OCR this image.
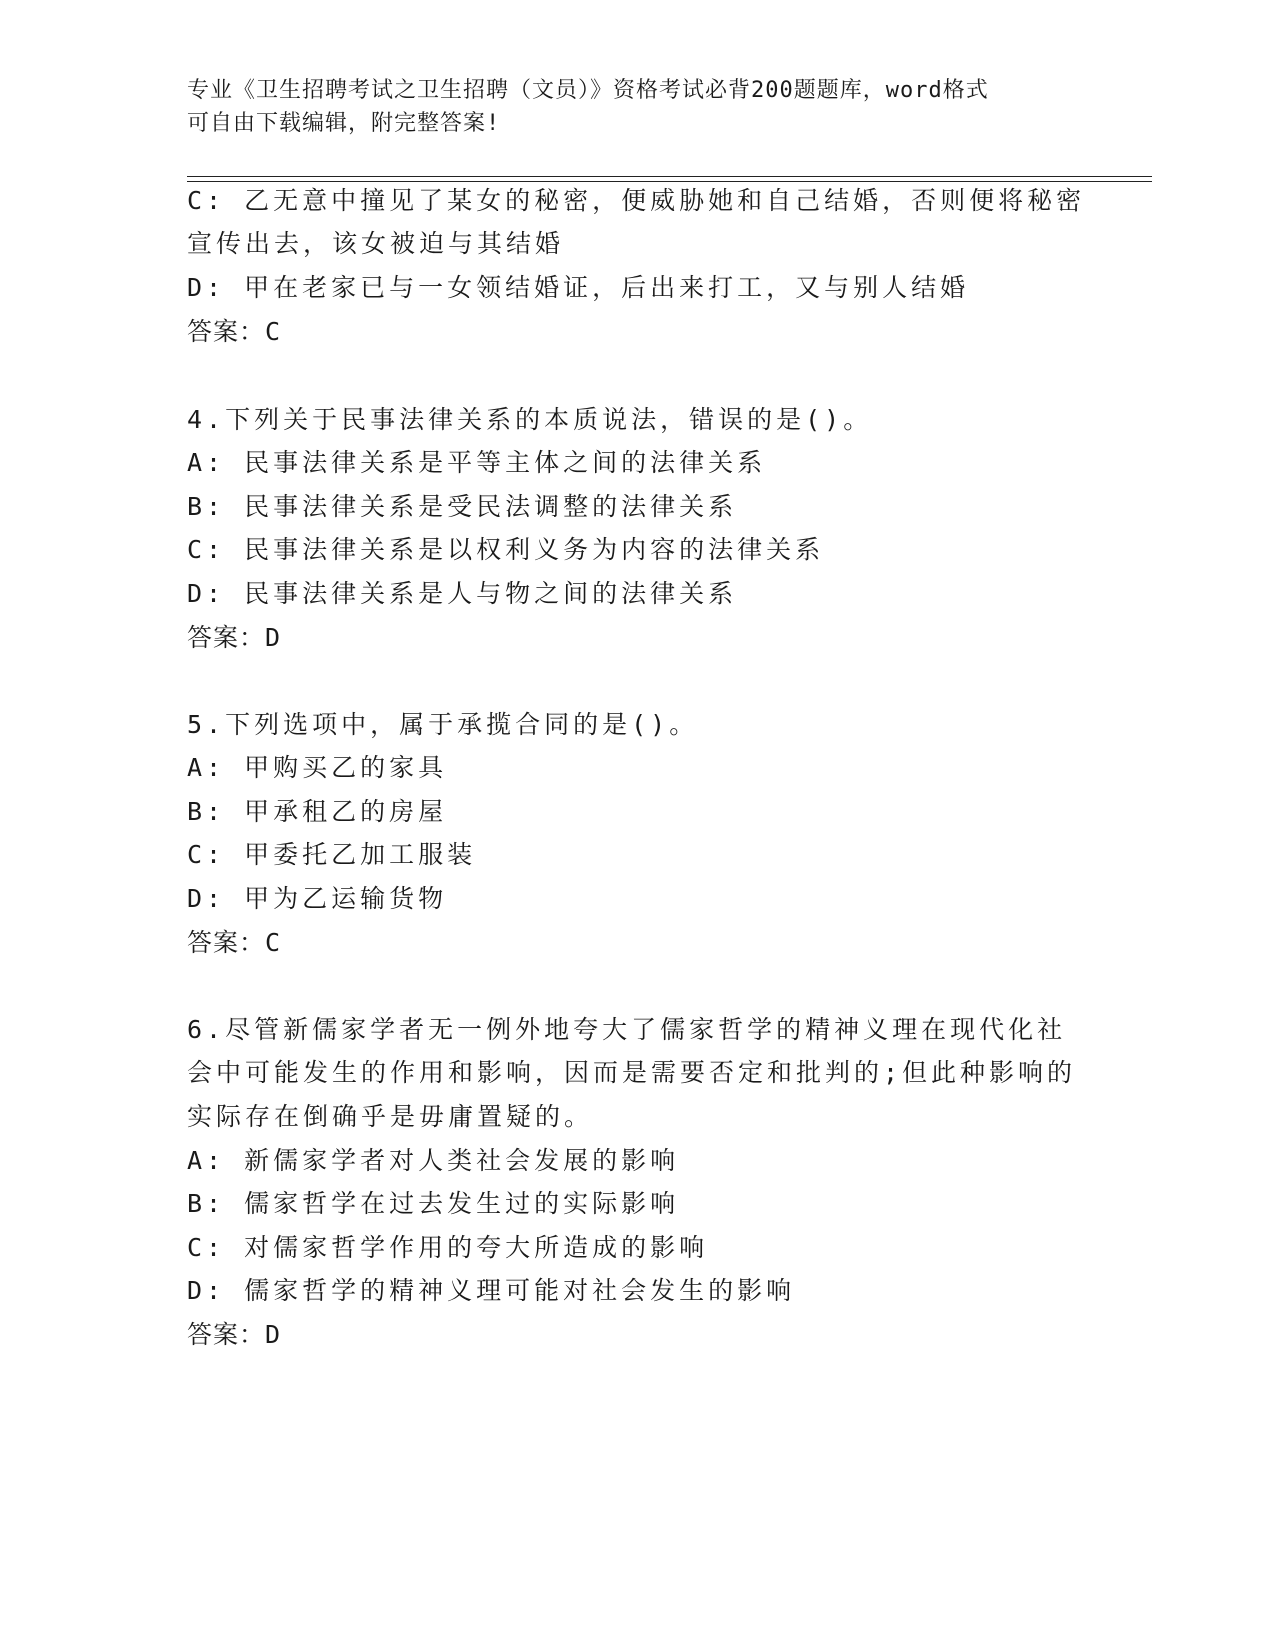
专业《卫生招聘考试之卫生招聘（文员）》资格考试必背200题题库，word格式
可自由下载编辑，附完整答案!
C: 乙无意中撞见了某女的秘密，便威胁她和自己结婚，否则便将秘密
宣传出去，该女被迫与其结婚
D: 甲在老家已与一女领结婚证，后出来打工，又与别人结婚
答案：C
4.下列关于民事法律关系的本质说法，错误的是()。
A: 民事法律关系是平等主体之间的法律关系
B: 民事法律关系是受民法调整的法律关系
C: 民事法律关系是以权利义务为内容的法律关系
D: 民事法律关系是人与物之间的法律关系
答案：D
5.下列选项中，属于承揽合同的是()。
A: 甲购买乙的家具
B: 甲承租乙的房屋
C: 甲委托乙加工服装
D: 甲为乙运输货物
答案：C
6.尽管新儒家学者无一例外地夸大了儒家哲学的精神义理在现代化社
会中可能发生的作用和影响，因而是需要否定和批判的;但此种影响的
实际存在倒确乎是毋庸置疑的。
A: 新儒家学者对人类社会发展的影响
B: 儒家哲学在过去发生过的实际影响
C: 对儒家哲学作用的夸大所造成的影响
D: 儒家哲学的精神义理可能对社会发生的影响
答案：D
